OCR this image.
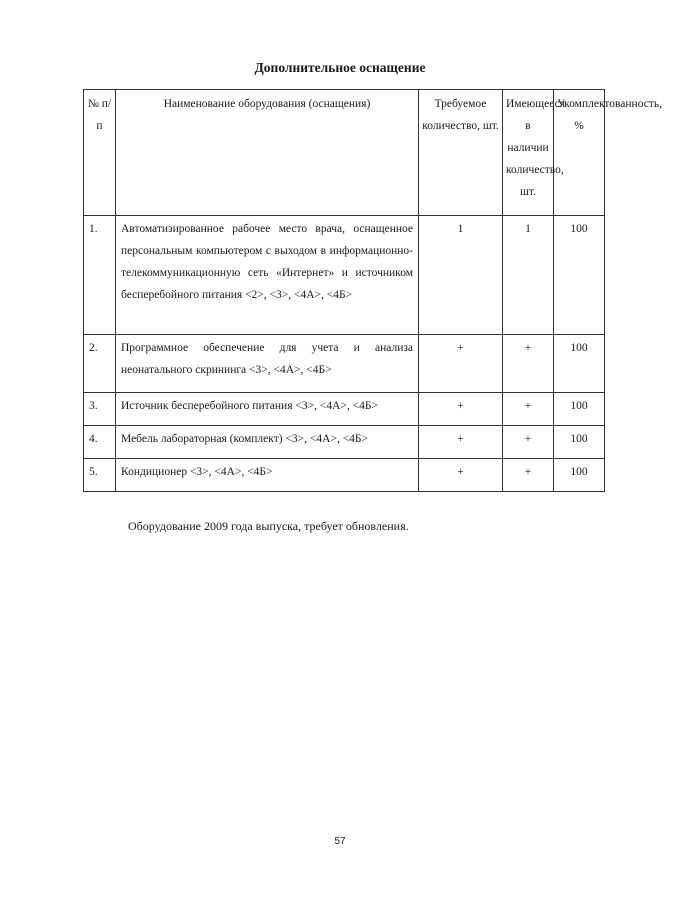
Дополнительное оснащение
№ п/п	Наименование оборудования (оснащения)	Требуемое количество, шт.	Имеющееся в наличии количество, шт.	Укомплектованность, %
1.	Автоматизированное рабочее место врача, оснащенное персональным компьютером с выходом в информационно-телекоммуникационную сеть «Интернет» и источником бесперебойного питания <2>, <3>, <4А>, <4Б>	1	1	100
2.	Программное обеспечение для учета и анализа неонатального скрининга <3>, <4А>, <4Б>	+	+	100
3.	Источник бесперебойного питания <3>, <4А>, <4Б>	+	+	100
4.	Мебель лабораторная (комплект) <3>, <4А>, <4Б>	+	+	100
5.	Кондиционер <3>, <4А>, <4Б>	+	+	100
Оборудование 2009 года выпуска, требует обновления.
57
